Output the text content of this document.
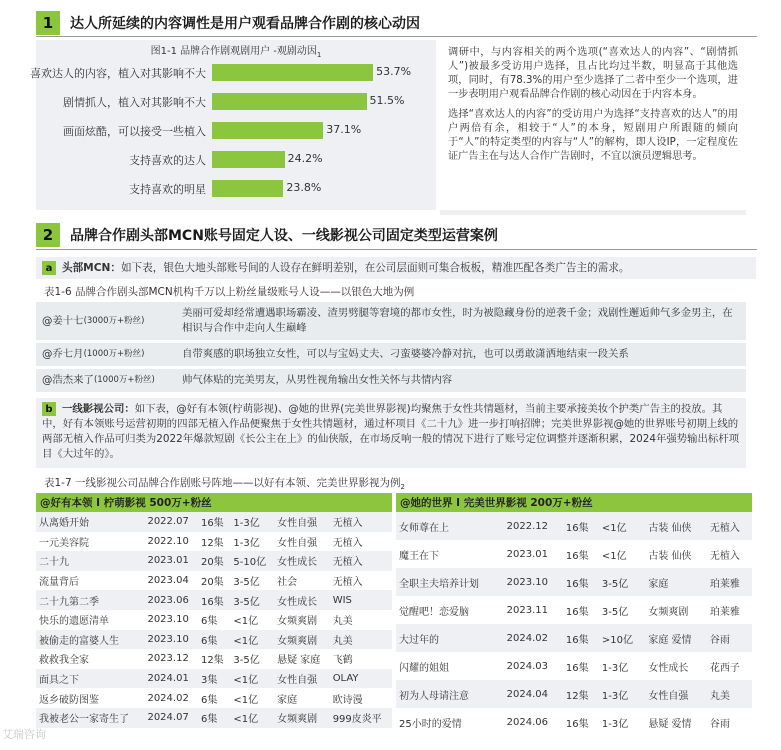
1	达人所延续的内容调性是用户观看品牌合作剧的核心动因
图1-1 品牌合作剧观剧用户 -观剧动因$_1$
喜欢达人的内容，植入对其影响不大	53.7%
剧情抓人，植入对其影响不大	51.5%
画面炫酷，可以接受一些植入	37.1%
支持喜欢的达人	24.2%
支持喜欢的明星	23.8%

调研中，与内容相关的两个选项(“喜欢达人的内容”、“剧情抓人”)被最多受访用户选择，且占比均过半数，明显高于其他选项，同时，有78.3%的用户至少选择了二者中至少一个选项，进一步表明用户观看品牌合作剧的核心动因在于内容本身。

选择“喜欢达人的内容”的受访用户为选择“支持喜欢的达人”的用户两倍有余，相较于“人”的本身，短剧用户所跟随的倾向于“人”的特定类型的内容与“人”的解构，即人设IP，一定程度佐证广告主在与达人合作广告剧时，不宜以演员逻辑思考。

2	品牌合作剧头部MCN账号固定人设、一线影视公司固定类型运营案例
a 头部MCN：如下表，银色大地头部账号间的人设存在鲜明差别，在公司层面则可集合板板，精准匹配各类广告主的需求。
表1-6 品牌合作剧头部MCN机构千万以上粉丝量级账号人设——以银色大地为例
@姜十七 (3000万+粉丝)
美丽可爱却经常遭遇职场霸凌、渣男劈腿等窘境的都市女性，时为被隐藏身份的逆袭千金；戏剧性邂逅帅气多金男主，在相识与合作中走向人生巅峰
@乔七月 (1000万+粉丝)	自带爽感的职场独立女性，可以与宝妈丈夫、刁蛮婆婆冷静对抗，也可以勇敢潇洒地结束一段关系
@浩杰来了 (1000万+粉丝)	帅气体贴的完美男友，从男性视角输出女性关怀与共情内容
b 一线影视公司：如下表，@好有本领(柠萌影视)、@她的世界(完美世界影视)均聚焦于女性共情题材，当前主要承接美妆个护类广告主的投放。其中，好有本领账号运营初期的四部无植入作品便聚焦于女性共情题材，通过杯项目《二十九》进一步打响招牌；完美世界影视@她的世界账号初期上线的两部无植入作品可归类为2022年爆款短剧《长公主在上》的仙侠版，在市场反响一般的情况下进行了账号定位调整并逐渐积累，2024年强势输出标杆项目《大过年的》。
表1-7 一线影视公司品牌合作剧账号阵地——以好有本领、完美世界影视为例$_2$
@好有本领 I 柠萌影视 500万+粉丝					
从离婚开始	2022.07	16集	1-3亿	女性自强	无植入
一元美容院	2022.10	12集	1-3亿	女性自强	无植入
二十九	2023.01	20集	5-10亿	女性成长	无植入
流量背后	2023.04	20集	3-5亿	社会	无植入
二十九第二季	2023.06	16集	3-5亿	女性成长	WIS
快乐的遗愿清单	2023.10	6集	<1亿	女频爽剧	丸美
被偷走的富婆人生	2023.10	6集	<1亿	女频爽剧	丸美
救救我全家	2023.12	12集	3-5亿	悬疑 家庭	飞鹤
面具之下	2024.01	3集	<1亿	女性自强	OLAY
返乡破防图鉴	2024.02	6集	<1亿	家庭	欧诗漫
我被老公一家寄生了	2024.07	6集	<1亿	女频爽剧	999皮炎平
@她的世界 I 完美世界影视 200万+粉丝					
女师尊在上	2022.12	16集	<1亿	古装 仙侠	无植入
魔王在下	2023.01	16集	<1亿	古装 仙侠	无植入
全职主夫培养计划	2023.10	16集	3-5亿	家庭	珀莱雅
觉醒吧！恋爱脑	2023.11	16集	3-5亿	女频爽剧	珀莱雅
大过年的	2024.02	16集	>10亿	家庭 爱情	谷雨
闪耀的姐姐	2024.03	16集	1-3亿	女性成长	花西子
初为人母请注意	2024.04	12集	1-3亿	女性自强	丸美
25小时的爱情	2024.06	16集	1-3亿	悬疑 爱情	谷雨
艾瑞咨询
